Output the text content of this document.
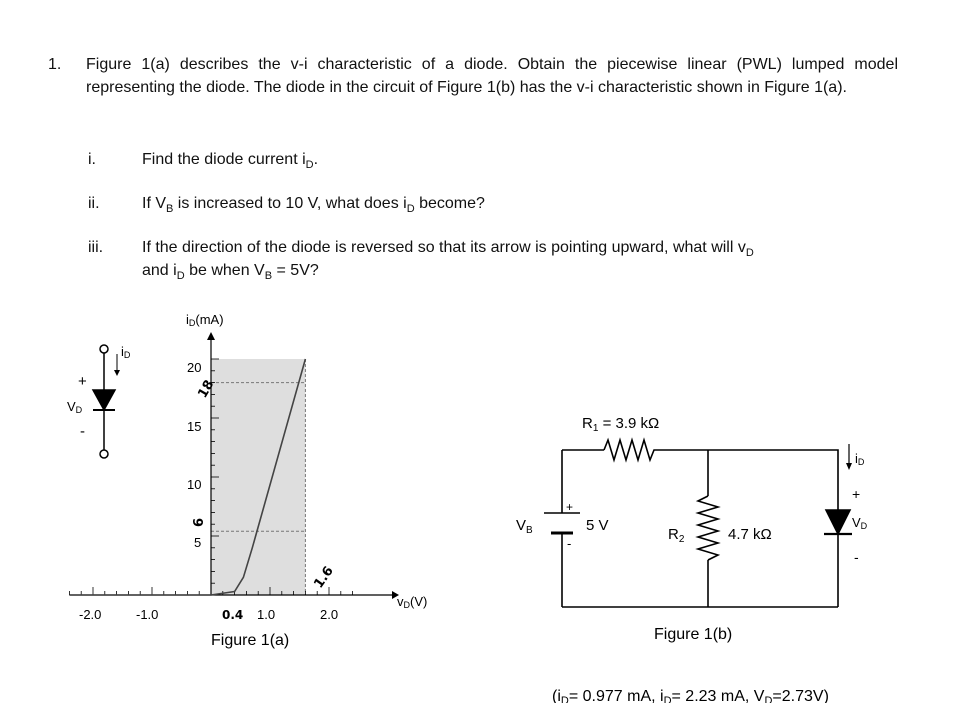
1. Figure 1(a) describes the v-i characteristic of a diode. Obtain the piecewise linear (PWL) lumped model representing the diode. The diode in the circuit of Figure 1(b) has the v-i characteristic shown in Figure 1(a).
i.	Find the diode current $i_D$.
ii.	If $V_B$ is increased to 10 V, what does $i_D$ become?
iii. If the direction of the diode is reversed so that its arrow is pointing upward, what will $v_D$
and $i_D$ be when $V_B = 5V$?
iD
+
VD
-
iD(mA)
vD(V)
20
15
10
5
-2.0	-1.0	1.0	2.0
18
6
0.4
1.6
Figure 1(a)
$R_1 = 3.9$ kΩ
$R_2$	4.7 kΩ
$V_B$	5 V
+
-
iD
+
VD
-
Figure 1(b)
(iD= 0.977 mA, iD= 2.23 mA, VD=2.73V)
